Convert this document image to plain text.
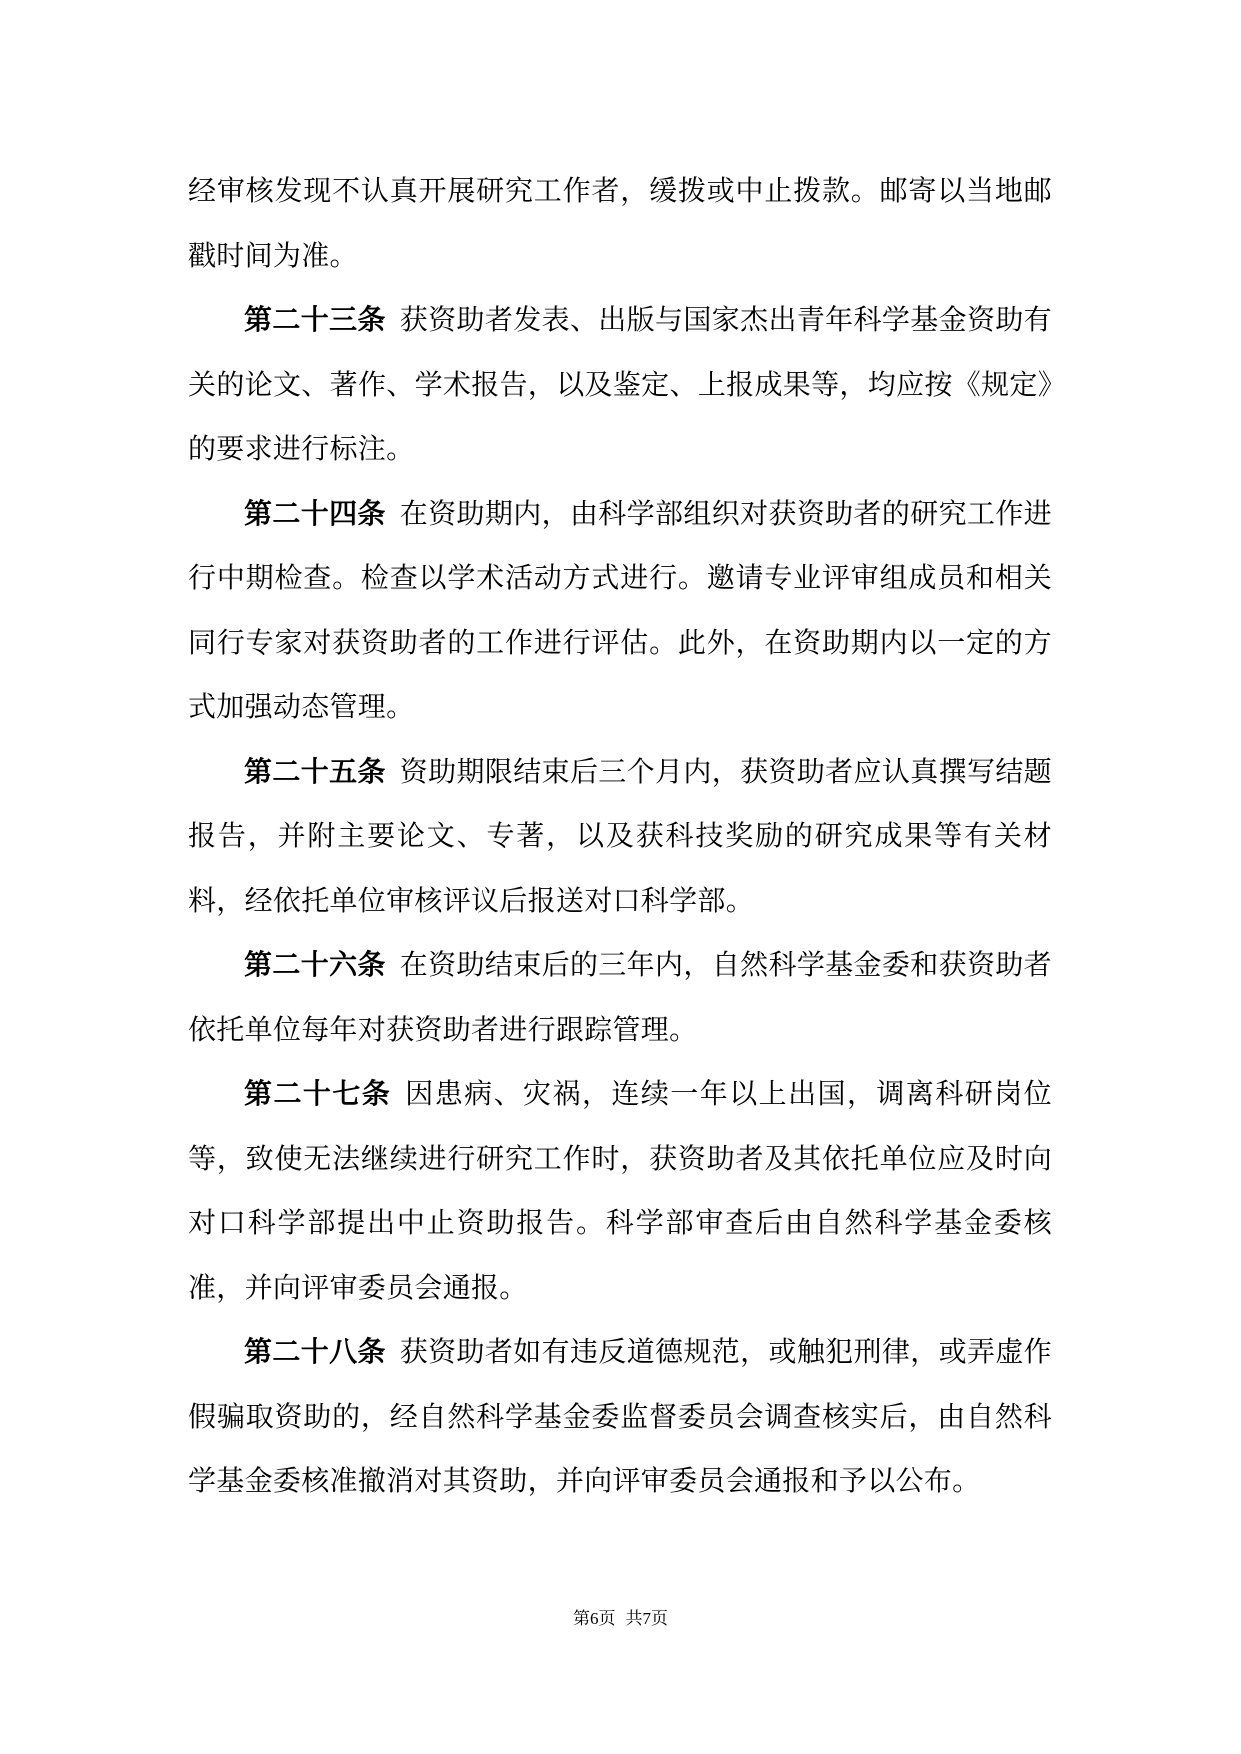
经审核发现不认真开展研究工作者，缓拨或中止拨款。邮寄以当地邮戳时间为准。

第二十三条 获资助者发表、出版与国家杰出青年科学基金资助有关的论文、著作、学术报告，以及鉴定、上报成果等，均应按《规定》的要求进行标注。

第二十四条 在资助期内，由科学部组织对获资助者的研究工作进行中期检查。检查以学术活动方式进行。邀请专业评审组成员和相关同行专家对获资助者的工作进行评估。此外，在资助期内以一定的方式加强动态管理。

第二十五条 资助期限结束后三个月内，获资助者应认真撰写结题报告，并附主要论文、专著，以及获科技奖励的研究成果等有关材料，经依托单位审核评议后报送对口科学部。

第二十六条 在资助结束后的三年内，自然科学基金委和获资助者依托单位每年对获资助者进行跟踪管理。

第二十七条 因患病、灾祸，连续一年以上出国，调离科研岗位等，致使无法继续进行研究工作时，获资助者及其依托单位应及时向对口科学部提出中止资助报告。科学部审查后由自然科学基金委核准，并向评审委员会通报。

第二十八条 获资助者如有违反道德规范，或触犯刑律，或弄虚作假骗取资助的，经自然科学基金委监督委员会调查核实后，由自然科学基金委核准撤消对其资助，并向评审委员会通报和予以公布。

第6页 共7页
